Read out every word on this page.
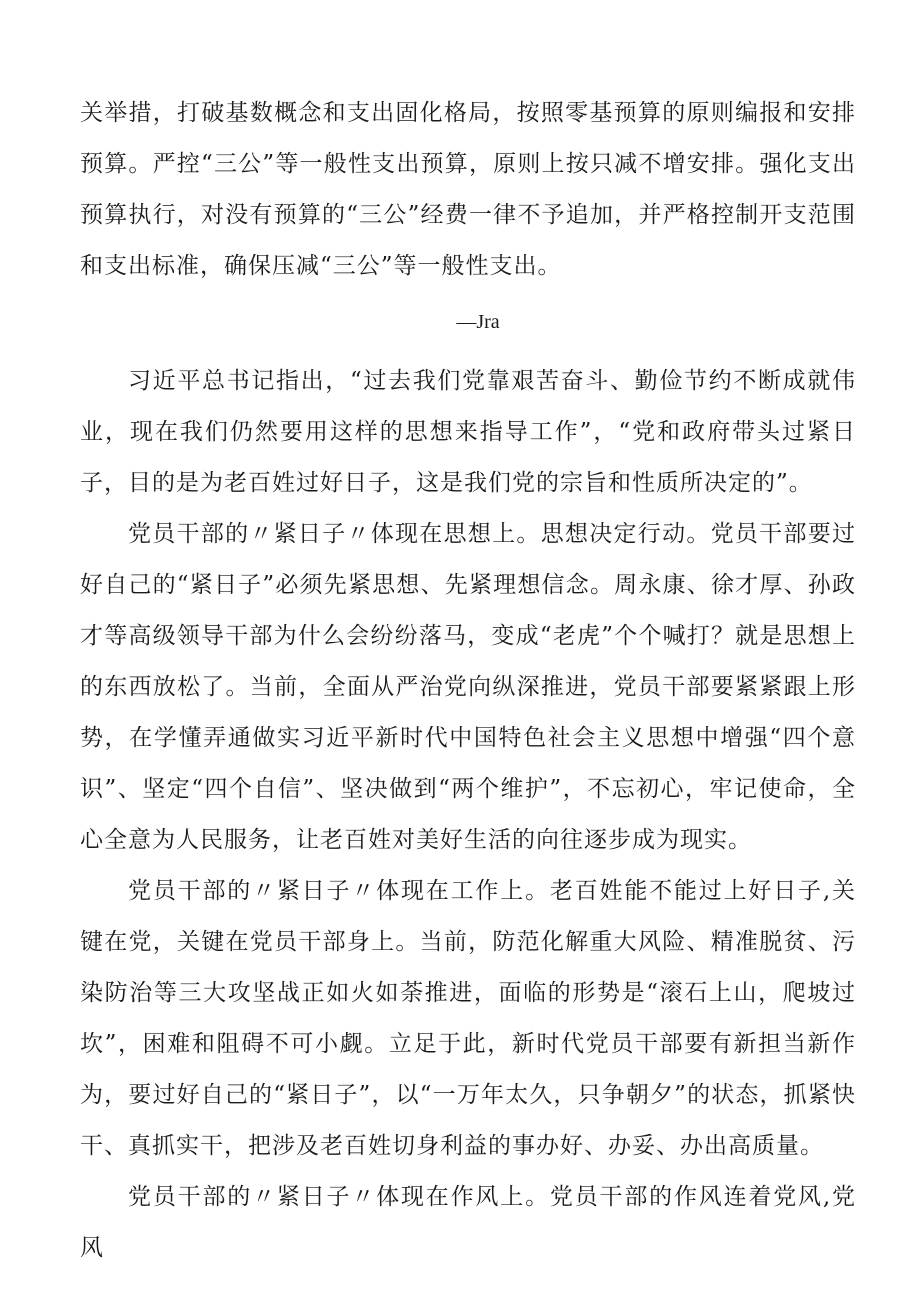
关举措，打破基数概念和支出固化格局，按照零基预算的原则编报和安排预算。严控“三公”等一般性支出预算，原则上按只减不增安排。强化支出预算执行，对没有预算的“三公”经费一律不予追加，并严格控制开支范围和支出标准，确保压减“三公”等一般性支出。

—Jra

习近平总书记指出，“过去我们党靠艰苦奋斗、勤俭节约不断成就伟业，现在我们仍然要用这样的思想来指导工作”，“党和政府带头过紧日子，目的是为老百姓过好日子，这是我们党的宗旨和性质所决定的”。

党员干部的〃紧日子〃体现在思想上。思想决定行动。党员干部要过好自己的“紧日子”必须先紧思想、先紧理想信念。周永康、徐才厚、孙政才等高级领导干部为什么会纷纷落马，变成“老虎”个个喊打？就是思想上的东西放松了。当前，全面从严治党向纵深推进，党员干部要紧紧跟上形势，在学懂弄通做实习近平新时代中国特色社会主义思想中增强“四个意识”、坚定“四个自信”、坚决做到“两个维护”，不忘初心，牢记使命，全心全意为人民服务，让老百姓对美好生活的向往逐步成为现实。

党员干部的〃紧日子〃体现在工作上。老百姓能不能过上好日子,关键在党，关键在党员干部身上。当前，防范化解重大风险、精准脱贫、污染防治等三大攻坚战正如火如荼推进，面临的形势是“滚石上山，爬坡过坎”，困难和阻碍不可小觑。立足于此，新时代党员干部要有新担当新作为，要过好自己的“紧日子”，以“一万年太久，只争朝夕”的状态，抓紧快干、真抓实干，把涉及老百姓切身利益的事办好、办妥、办出高质量。

党员干部的〃紧日子〃体现在作风上。党员干部的作风连着党风,党风
